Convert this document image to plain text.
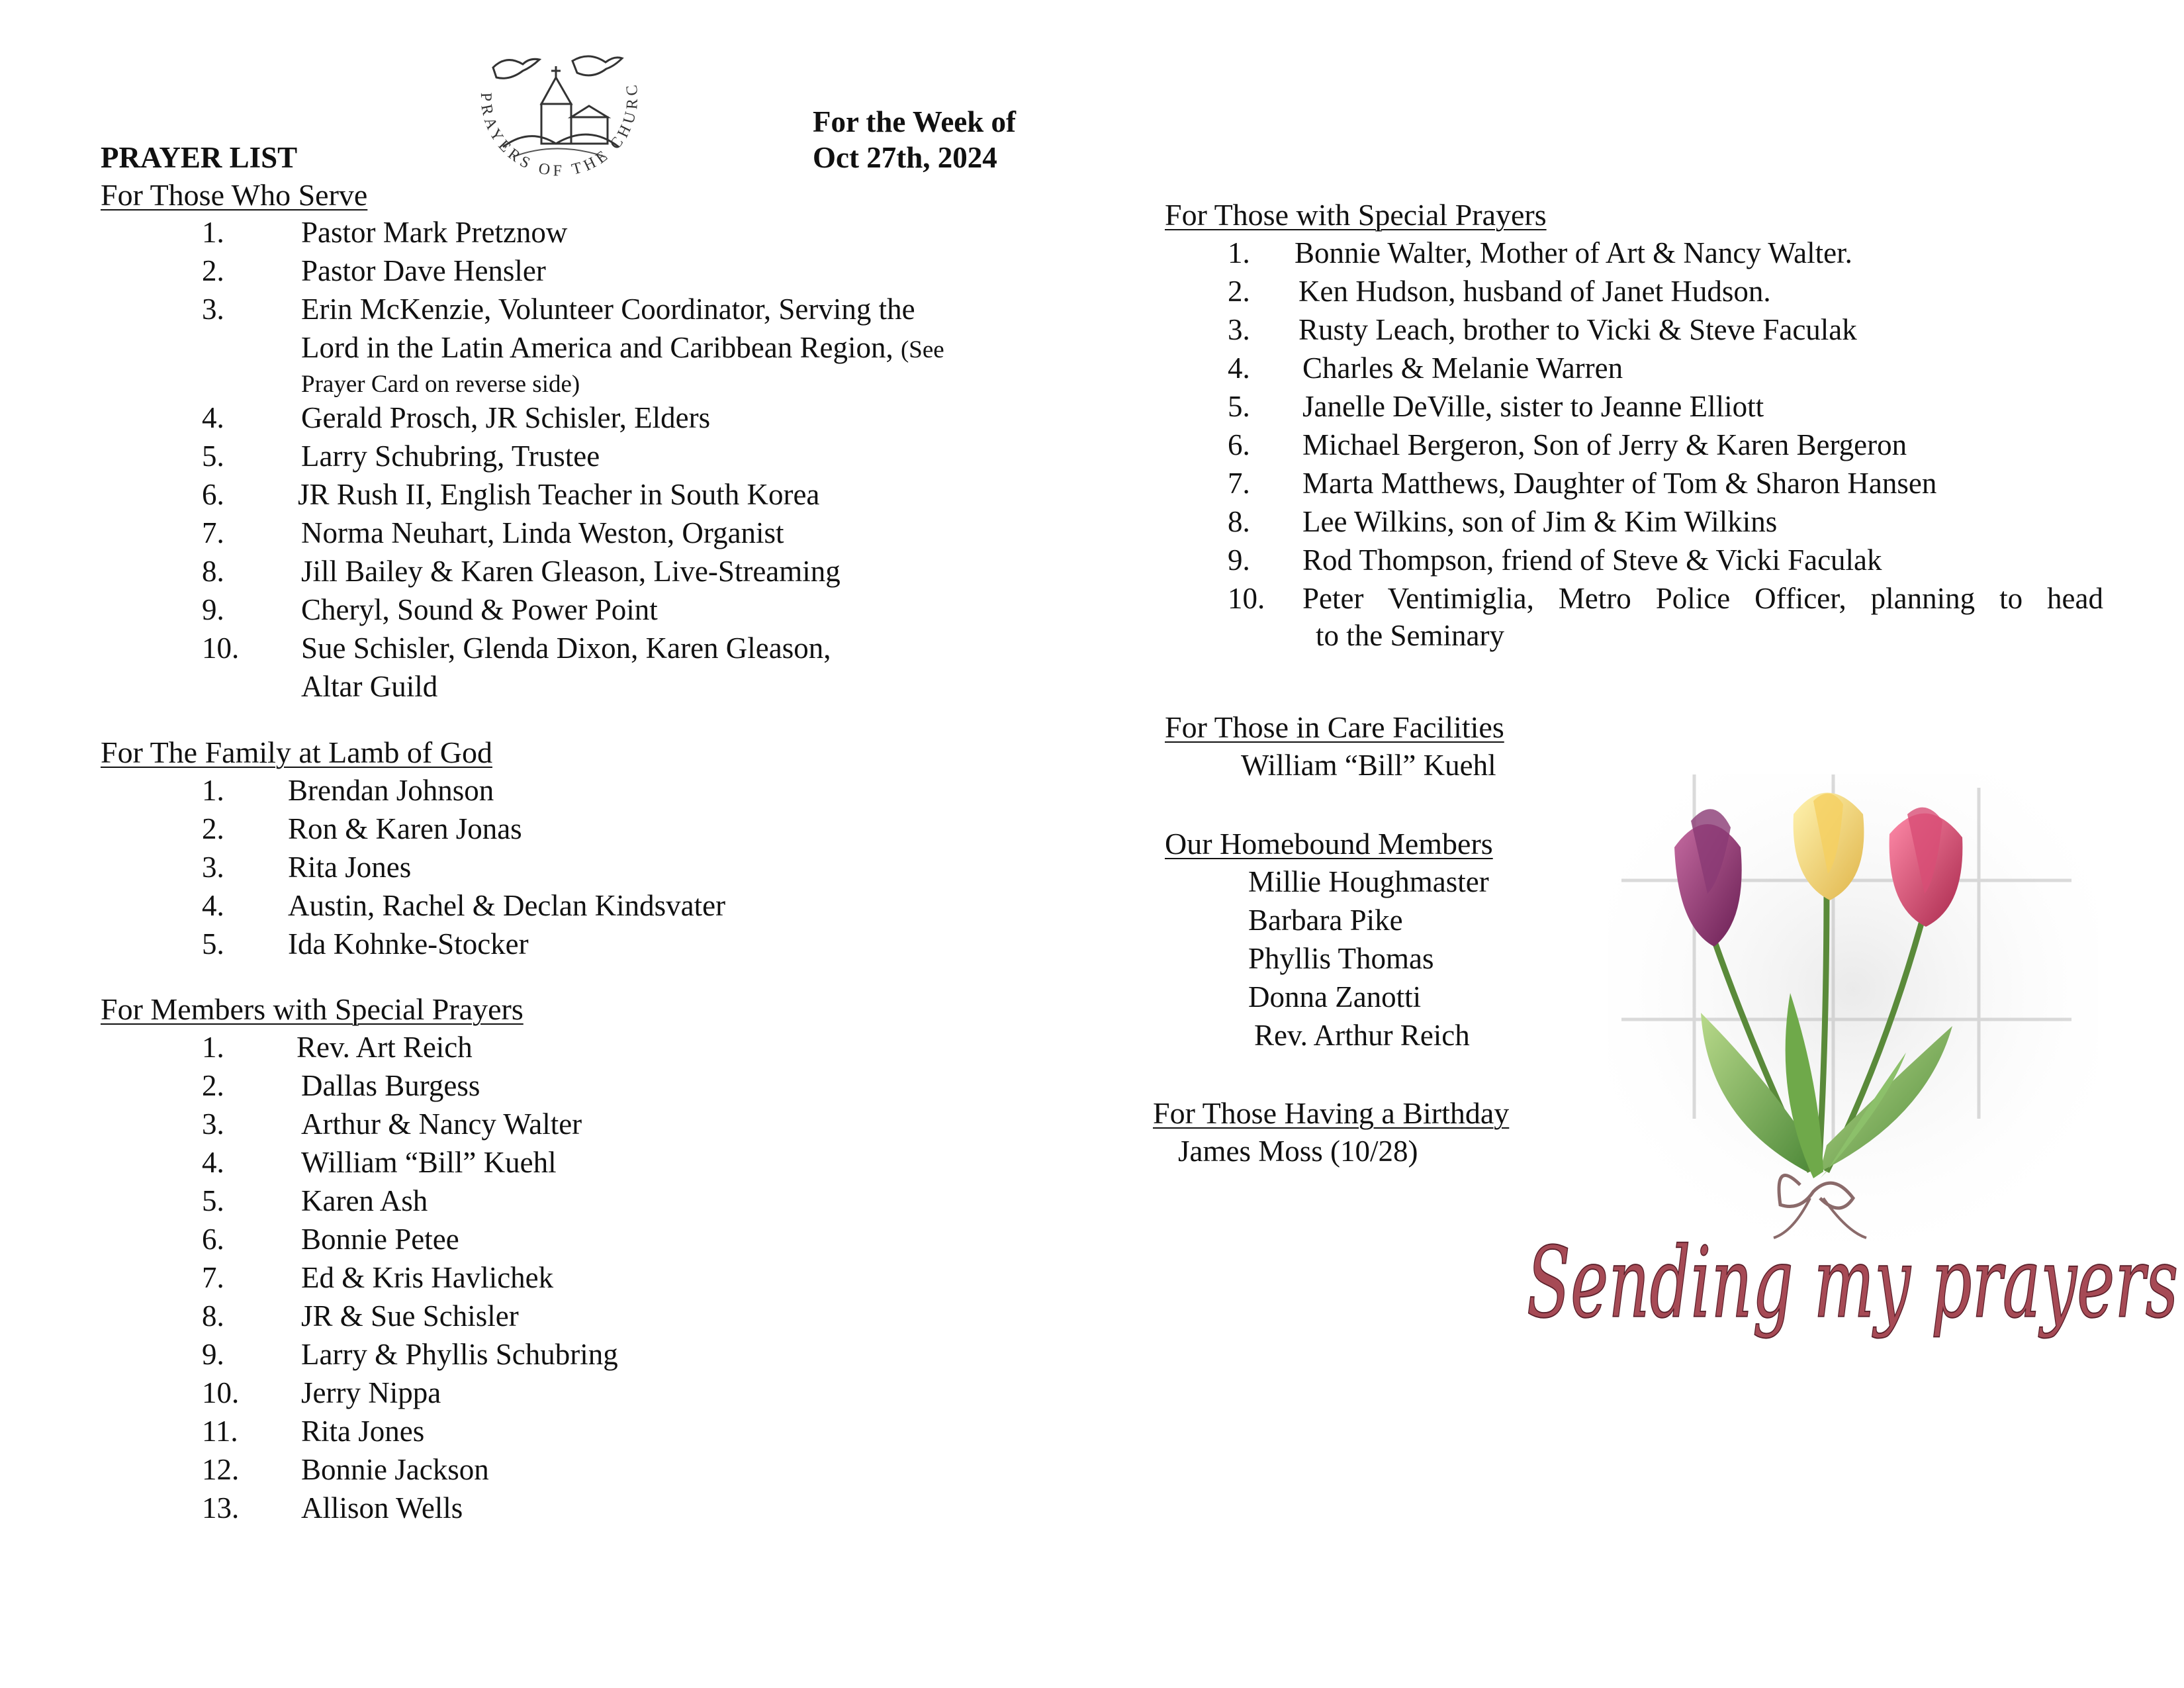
PRAYERS OF THE CHURC
PRAYER LIST
For the Week of
Oct 27th, 2024
For Those Who Serve
1.	Pastor Mark Pretznow
2.	Pastor Dave Hensler
3.	Erin McKenzie, Volunteer Coordinator, Serving the
Lord in the Latin America and Caribbean Region, (See
Prayer Card on reverse side)
4.	Gerald Prosch, JR Schisler, Elders
5.	Larry Schubring, Trustee
6. JR Rush II, English Teacher in South Korea
7.	Norma Neuhart, Linda Weston, Organist
8.	Jill Bailey & Karen Gleason, Live-Streaming
9.	Cheryl, Sound & Power Point
10. Sue Schisler, Glenda Dixon, Karen Gleason,
Altar Guild
For The Family at Lamb of God
1. Brendan Johnson
2. Ron & Karen Jonas
3. Rita Jones
4. Austin, Rachel & Declan Kindsvater
5. Ida Kohnke-Stocker
For Members with Special Prayers
1. Rev. Art Reich
2.	Dallas Burgess
3.	Arthur & Nancy Walter
4.	William “Bill” Kuehl
5.	Karen Ash
6.	Bonnie Petee
7.	Ed & Kris Havlichek
8.	JR & Sue Schisler
9.	Larry & Phyllis Schubring
10. Jerry Nippa
11. Rita Jones
12. Bonnie Jackson
13. Allison Wells
For Those with Special Prayers
1. Bonnie Walter, Mother of Art & Nancy Walter.
2. Ken Hudson, husband of Janet Hudson.
3. Rusty Leach, brother to Vicki & Steve Faculak
4. Charles & Melanie Warren
5. Janelle DeVille, sister to Jeanne Elliott
6. Michael Bergeron, Son of Jerry & Karen Bergeron
7. Marta Matthews, Daughter of Tom & Sharon Hansen
8. Lee Wilkins, son of Jim & Kim Wilkins
9. Rod Thompson, friend of Steve & Vicki Faculak
10. Peter Ventimiglia, Metro Police Officer, planning to head
to the Seminary
For Those in Care Facilities
William “Bill” Kuehl
Our Homebound Members
Millie Houghmaster
Barbara Pike
Phyllis Thomas
Donna Zanotti
Rev. Arthur Reich
For Those Having a Birthday
James Moss (10/28)
Sending my prayers
